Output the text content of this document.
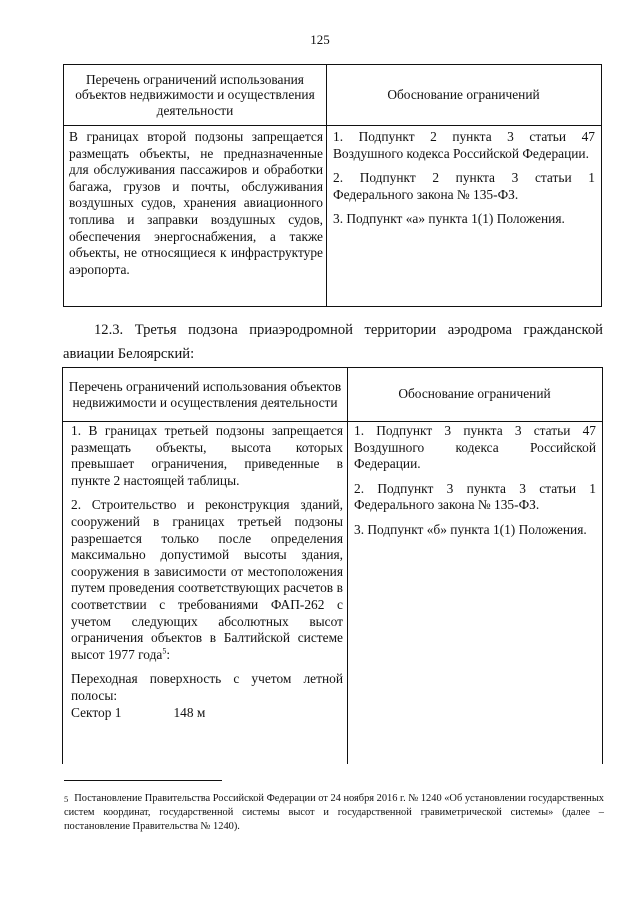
125
Перечень ограничений использования объектов недвижимости и осуществления деятельности
Обоснование ограничений

В границах второй подзоны запрещается размещать объекты, не предназначенные для обслуживания пассажиров и обработки багажа, грузов и почты, обслуживания воздушных судов, хранения авиационного топлива и заправки воздушных судов, обеспечения энергоснабжения, а также объекты, не относящиеся к инфраструктуре аэропорта.

1. Подпункт 2 пункта 3 статьи 47 Воздушного кодекса Российской Федерации.

2. Подпункт 2 пункта 3 статьи 1 Федерального закона № 135-ФЗ.

3. Подпункт «а» пункта 1(1) Положения.

12.3. Третья подзона приаэродромной территории аэродрома гражданской авиации Белоярский:
Перечень ограничений использования объектов недвижимости и осуществления деятельности
Обоснование ограничений

1. В границах третьей подзоны запрещается размещать объекты, высота которых превышает ограничения, приведенные в пункте 2 настоящей таблицы.

2. Строительство и реконструкция зданий, сооружений в границах третьей подзоны разрешается только после определения максимально допустимой высоты здания, сооружения в зависимости от местоположения путем проведения соответствующих расчетов в соответствии с требованиями ФАП-262 с учетом следующих абсолютных высот ограничения объектов в Балтийской системе высот 1977 года$^5$:

Переходная поверхность с учетом летной полосы:

Сектор 1	148 м

1. Подпункт 3 пункта 3 статьи 47 Воздушного кодекса Российской Федерации.

2. Подпункт 3 пункта 3 статьи 1 Федерального закона № 135-ФЗ.

3. Подпункт «б» пункта 1(1) Положения.

$^5$ Постановление Правительства Российской Федерации от 24 ноября 2016 г. № 1240 «Об установлении государственных систем координат, государственной системы высот и государственной гравиметрической системы» (далее – постановление Правительства № 1240).
